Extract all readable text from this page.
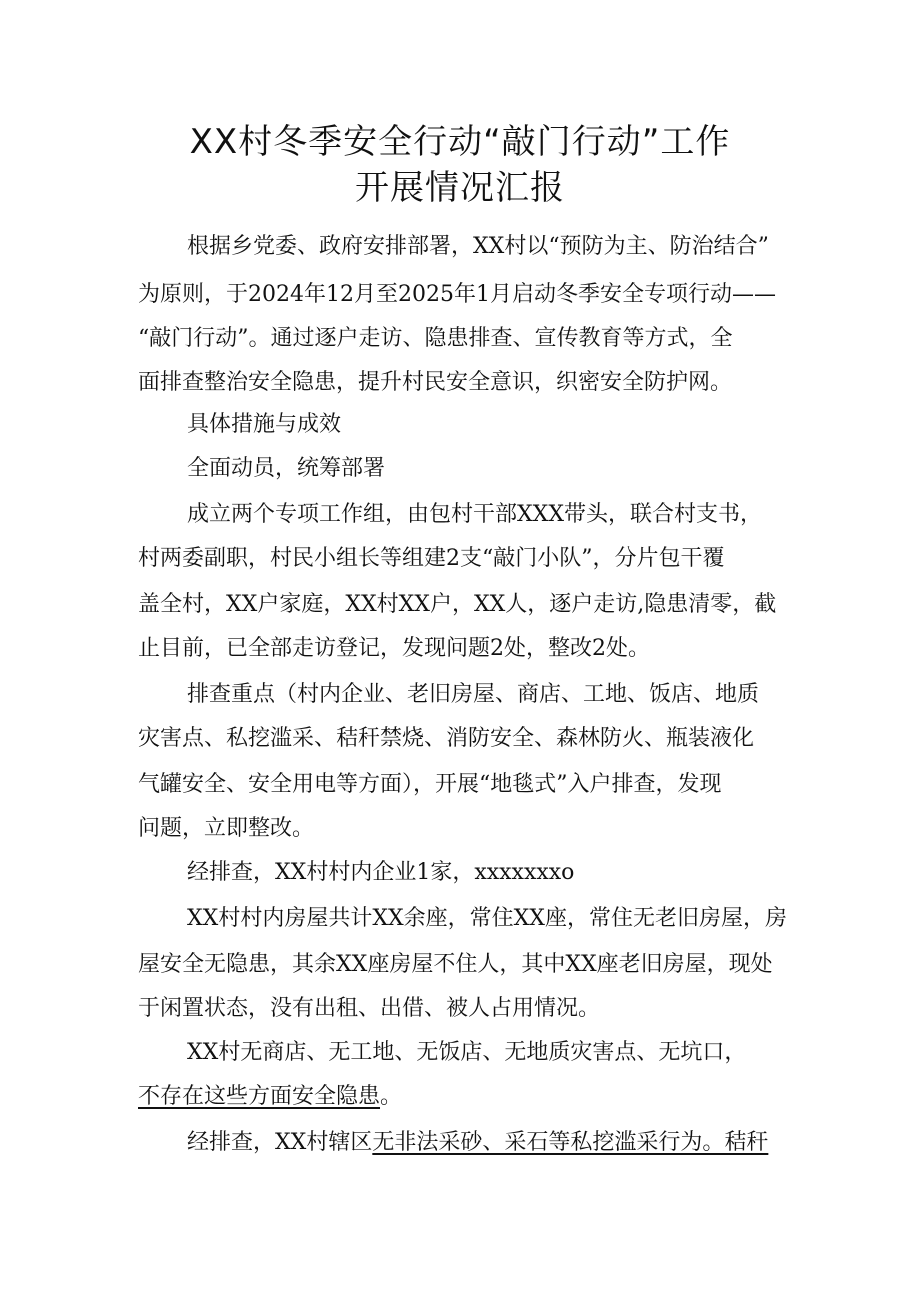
XX村冬季安全行动“敲门行动”工作
开展情况汇报
根据乡党委、政府安排部署，XX村以“预防为主、防治结合”
为原则，于2024年12月至2025年1月启动冬季安全专项行动——
“敲门行动”。通过逐户走访、隐患排查、宣传教育等方式，全
面排查整治安全隐患，提升村民安全意识，织密安全防护网。
具体措施与成效
全面动员，统筹部署
成立两个专项工作组，由包村干部XXX带头，联合村支书，
村两委副职，村民小组长等组建2支“敲门小队”，分片包干覆
盖全村，XX户家庭，XX村XX户，XX人，逐户走访,隐患清零，截
止目前，已全部走访登记，发现问题2处，整改2处。
排查重点（村内企业、老旧房屋、商店、工地、饭店、地质
灾害点、私挖滥采、秸秆禁烧、消防安全、森林防火、瓶装液化
气罐安全、安全用电等方面），开展“地毯式”入户排查，发现
问题，立即整改。
经排查，XX村村内企业1家，xxxxxxxo
XX村村内房屋共计XX余座，常住XX座，常住无老旧房屋，房
屋安全无隐患，其余XX座房屋不住人，其中XX座老旧房屋，现处
于闲置状态，没有出租、出借、被人占用情况。
XX村无商店、无工地、无饭店、无地质灾害点、无坑口，
不存在这些方面安全隐患。
经排查，XX村辖区无非法采砂、采石等私挖滥采行为。秸秆
